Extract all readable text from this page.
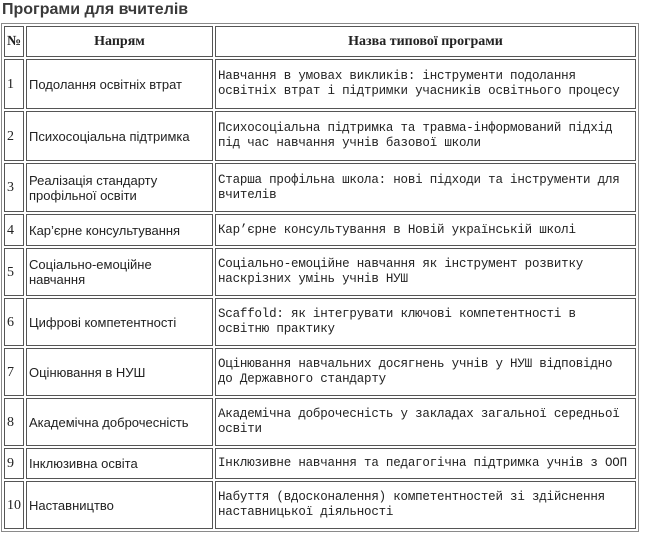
Програми для вчителів
№	Напрям	Назва типової програми
1	Подолання освітніх втрат	Навчання в умовах викликів: інструменти подолання освітніх втрат і підтримки учасників освітнього процесу
2	Психосоціальна підтримка	Психосоціальна підтримка та травма-інформований підхід під час навчання учнів базової школи
3	Реалізація стандарту профільної освіти	Старша профільна школа: нові підходи та інструменти для вчителів
4	Кар’єрне консультування	Кар’єрне консультування в Новій українській школі
5	Соціально-емоційне навчання	Соціально-емоційне навчання як інструмент розвитку наскрізних умінь учнів НУШ
6	Цифрові компетентності	Scaffold: як інтегрувати ключові компетентності в освітню практику
7	Оцінювання в НУШ	Оцінювання навчальних досягнень учнів у НУШ відповідно до Державного стандарту
8	Академічна доброчесність	Академічна доброчесність у закладах загальної середньої освіти
9	Інклюзивна освіта	Інклюзивне навчання та педагогічна підтримка учнів з ООП
10	Наставництво	Набуття (вдосконалення) компетентностей зі здійснення наставницької діяльності
